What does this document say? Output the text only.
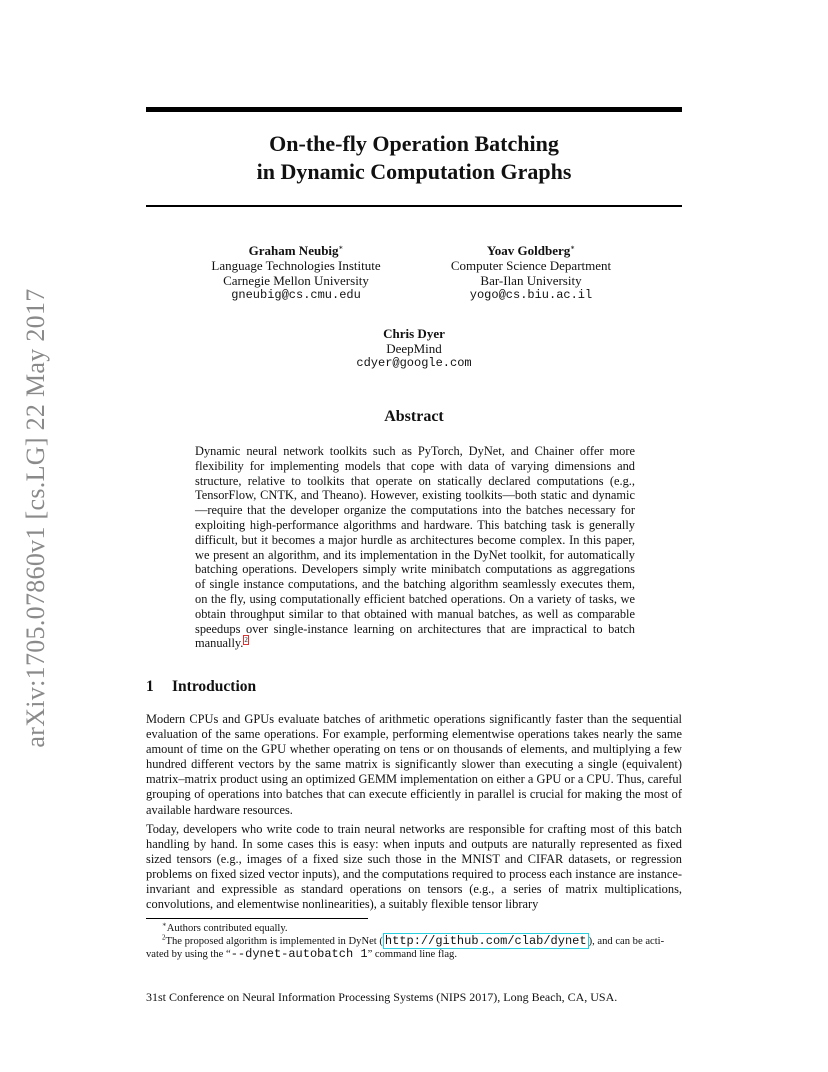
arXiv:1705.07860v1 [cs.LG] 22 May 2017
On-the-fly Operation Batching
in Dynamic Computation Graphs
Graham Neubig∗
Language Technologies Institute
Carnegie Mellon University
gneubig@cs.cmu.edu
Yoav Goldberg∗
Computer Science Department
Bar-Ilan University
yogo@cs.biu.ac.il
Chris Dyer
DeepMind
cdyer@google.com
Abstract
Dynamic neural network toolkits such as PyTorch, DyNet, and Chainer offer more flexibility for implementing models that cope with data of varying dimensions and structure, relative to toolkits that operate on statically declared computations (e.g., TensorFlow, CNTK, and Theano). However, existing toolkits—both static and dynamic—require that the developer organize the computations into the batches necessary for exploiting high-performance algorithms and hardware. This batching task is generally difficult, but it becomes a major hurdle as architectures become complex. In this paper, we present an algorithm, and its implementation in the DyNet toolkit, for automatically batching operations. Developers simply write minibatch computations as aggregations of single instance computations, and the batching algorithm seamlessly executes them, on the fly, using computationally efficient batched operations. On a variety of tasks, we obtain throughput similar to that obtained with manual batches, as well as comparable speedups over single-instance learning on architectures that are impractical to batch manually.$^2$
1 Introduction
Modern CPUs and GPUs evaluate batches of arithmetic operations significantly faster than the sequential evaluation of the same operations. For example, performing elementwise operations takes nearly the same amount of time on the GPU whether operating on tens or on thousands of elements, and multiplying a few hundred different vectors by the same matrix is significantly slower than executing a single (equivalent) matrix–matrix product using an optimized GEMM implementation on either a GPU or a CPU. Thus, careful grouping of operations into batches that can execute efficiently in parallel is crucial for making the most of available hardware resources.
Today, developers who write code to train neural networks are responsible for crafting most of this batch handling by hand. In some cases this is easy: when inputs and outputs are naturally represented as fixed sized tensors (e.g., images of a fixed size such those in the MNIST and CIFAR datasets, or regression problems on fixed sized vector inputs), and the computations required to process each instance are instance-invariant and expressible as standard operations on tensors (e.g., a series of matrix multiplications, convolutions, and elementwise nonlinearities), a suitably flexible tensor library

∗Authors contributed equally.

$^2$The proposed algorithm is implemented in DyNet ( http://github.com/clab/dynet ), and can be acti-vated by using the “--dynet-autobatch 1” command line flag.

31st Conference on Neural Information Processing Systems (NIPS 2017), Long Beach, CA, USA.
